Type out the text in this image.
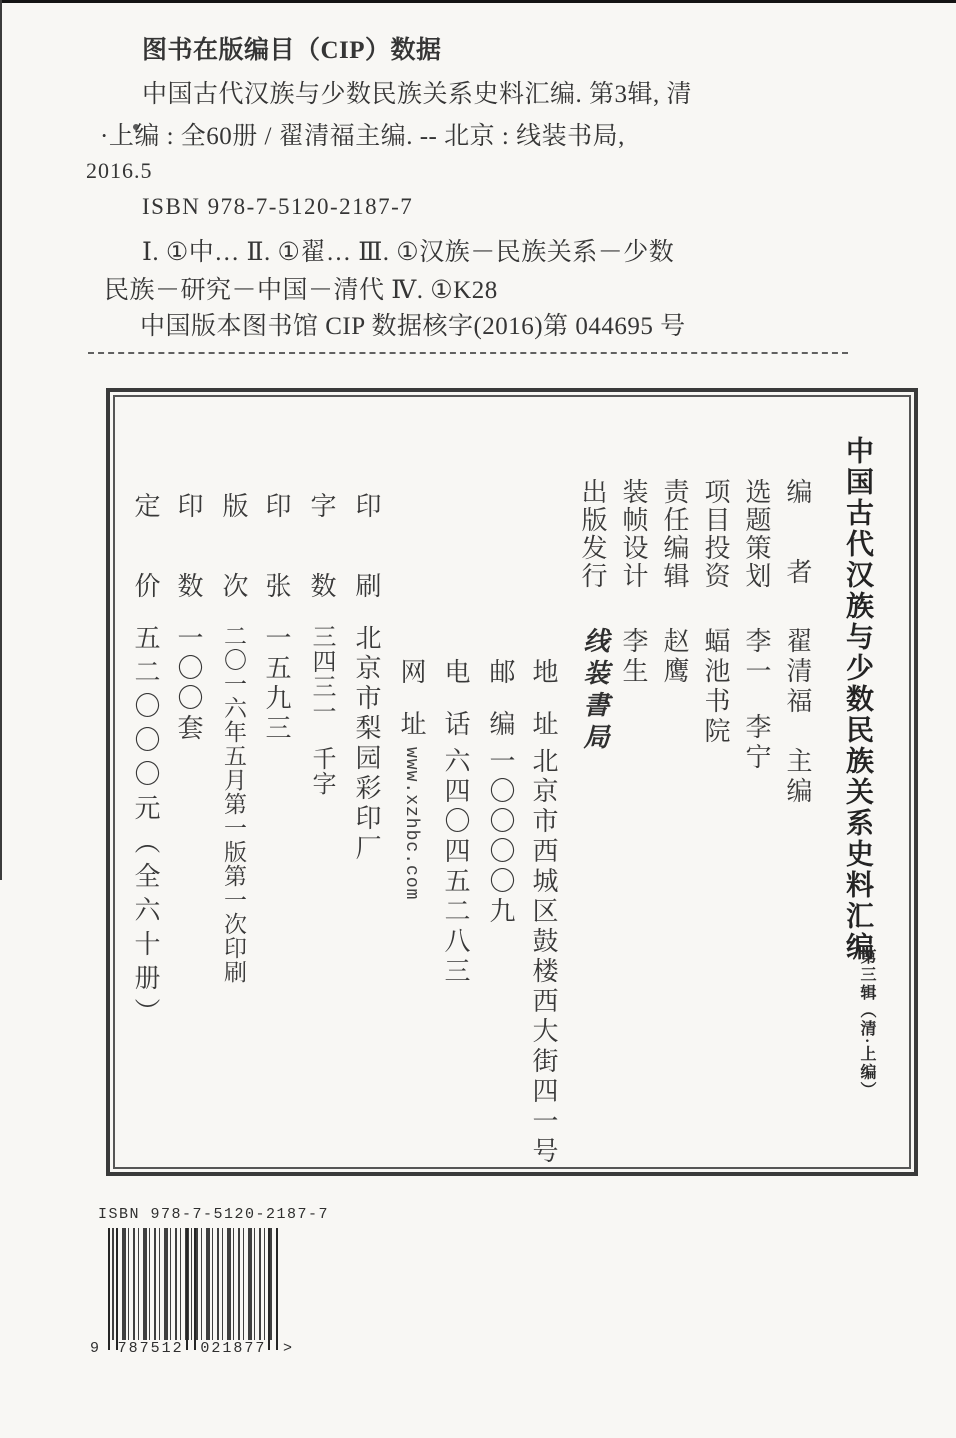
图书在版编目（CIP）数据
中国古代汉族与少数民族关系史料汇编. 第3辑, 清
·上编 : 全60册 / 翟清福主编. -- 北京 : 线装书局,
2016.5
ISBN 978-7-5120-2187-7
Ⅰ. ①中… Ⅱ. ①翟… Ⅲ. ①汉族－民族关系－少数
民族－研究－中国－清代 Ⅳ. ①K28
中国版本图书馆 CIP 数据核字(2016)第 044695 号
中国古代汉族与少数民族关系史料汇编
第三辑（清·上编）
编者
选题策划
项目投资
责任编辑
装帧设计
出版发行
地址
邮编
电话
网址
印刷
字数
印张
版次
印数
定价
翟清福主编
李一李宁
蝠池书院
赵鹰
李生
线装書局
北京市西城区鼓楼西大街四一号
一〇〇〇〇九
六四〇四五二八三
www.xzhbc.com
北京市梨园彩印厂
三四三一千字
一五九三
二〇一六年五月第一版第一次印刷
一〇〇套
五二〇〇〇元（全六十册）
ISBN 978-7-5120-2187-7
9 787512 021877 >
